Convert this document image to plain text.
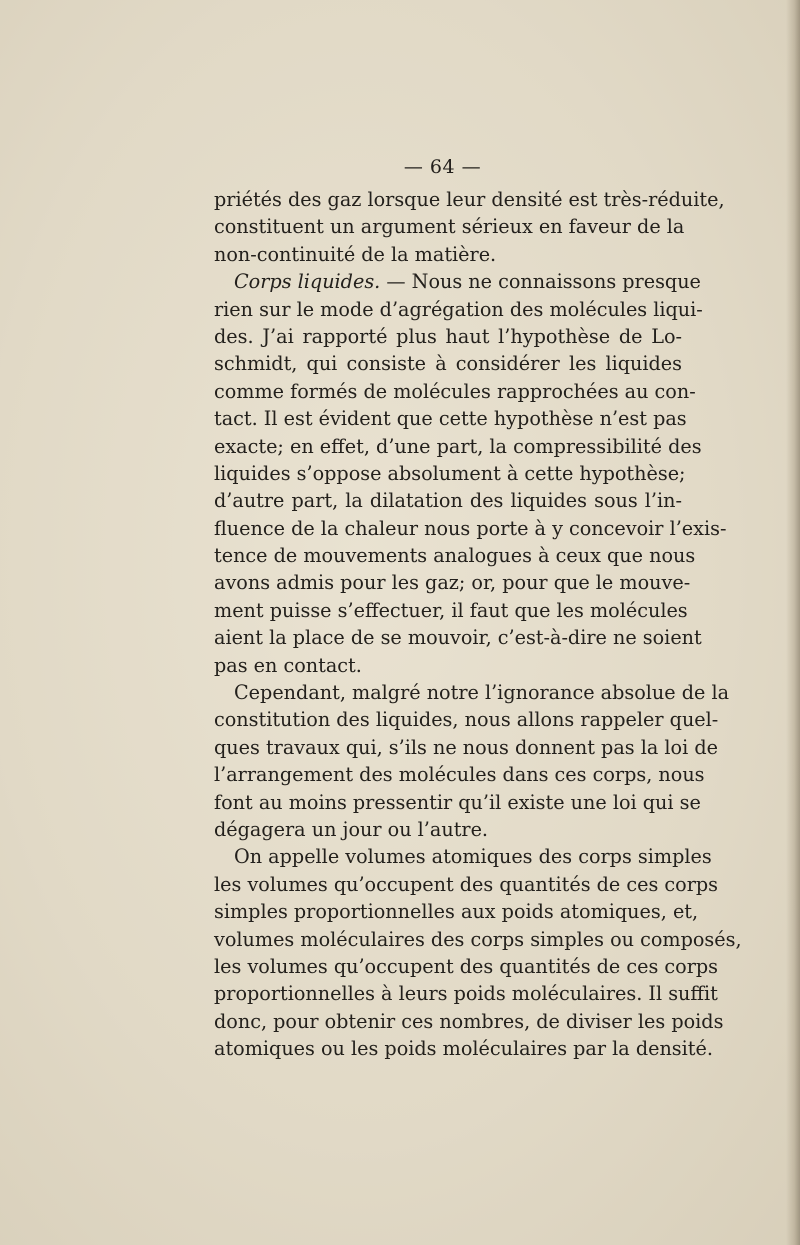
— 64 —
priétés des gaz lorsque leur densité est très-réduite,
constituent un argument sérieux en faveur de la
non-continuité de la matière.
Corps liquides. — Nous ne connaissons presque
rien sur le mode d’agrégation des molécules liqui-
des. J’ai rapporté plus haut l’hypothèse de Lo-
schmidt, qui consiste à considérer les liquides
comme formés de molécules rapprochées au con-
tact. Il est évident que cette hypothèse n’est pas
exacte; en effet, d’une part, la compressibilité des
liquides s’oppose absolument à cette hypothèse;
d’autre part, la dilatation des liquides sous l’in-
fluence de la chaleur nous porte à y concevoir l’exis-
tence de mouvements analogues à ceux que nous
avons admis pour les gaz; or, pour que le mouve-
ment puisse s’effectuer, il faut que les molécules
aient la place de se mouvoir, c’est-à-dire ne soient
pas en contact.
Cependant, malgré notre l’ignorance absolue de la
constitution des liquides, nous allons rappeler quel-
ques travaux qui, s’ils ne nous donnent pas la loi de
l’arrangement des molécules dans ces corps, nous
font au moins pressentir qu’il existe une loi qui se
dégagera un jour ou l’autre.
On appelle volumes atomiques des corps simples
les volumes qu’occupent des quantités de ces corps
simples proportionnelles aux poids atomiques, et,
volumes moléculaires des corps simples ou composés,
les volumes qu’occupent des quantités de ces corps
proportionnelles à leurs poids moléculaires. Il suffit
donc, pour obtenir ces nombres, de diviser les poids
atomiques ou les poids moléculaires par la densité.
